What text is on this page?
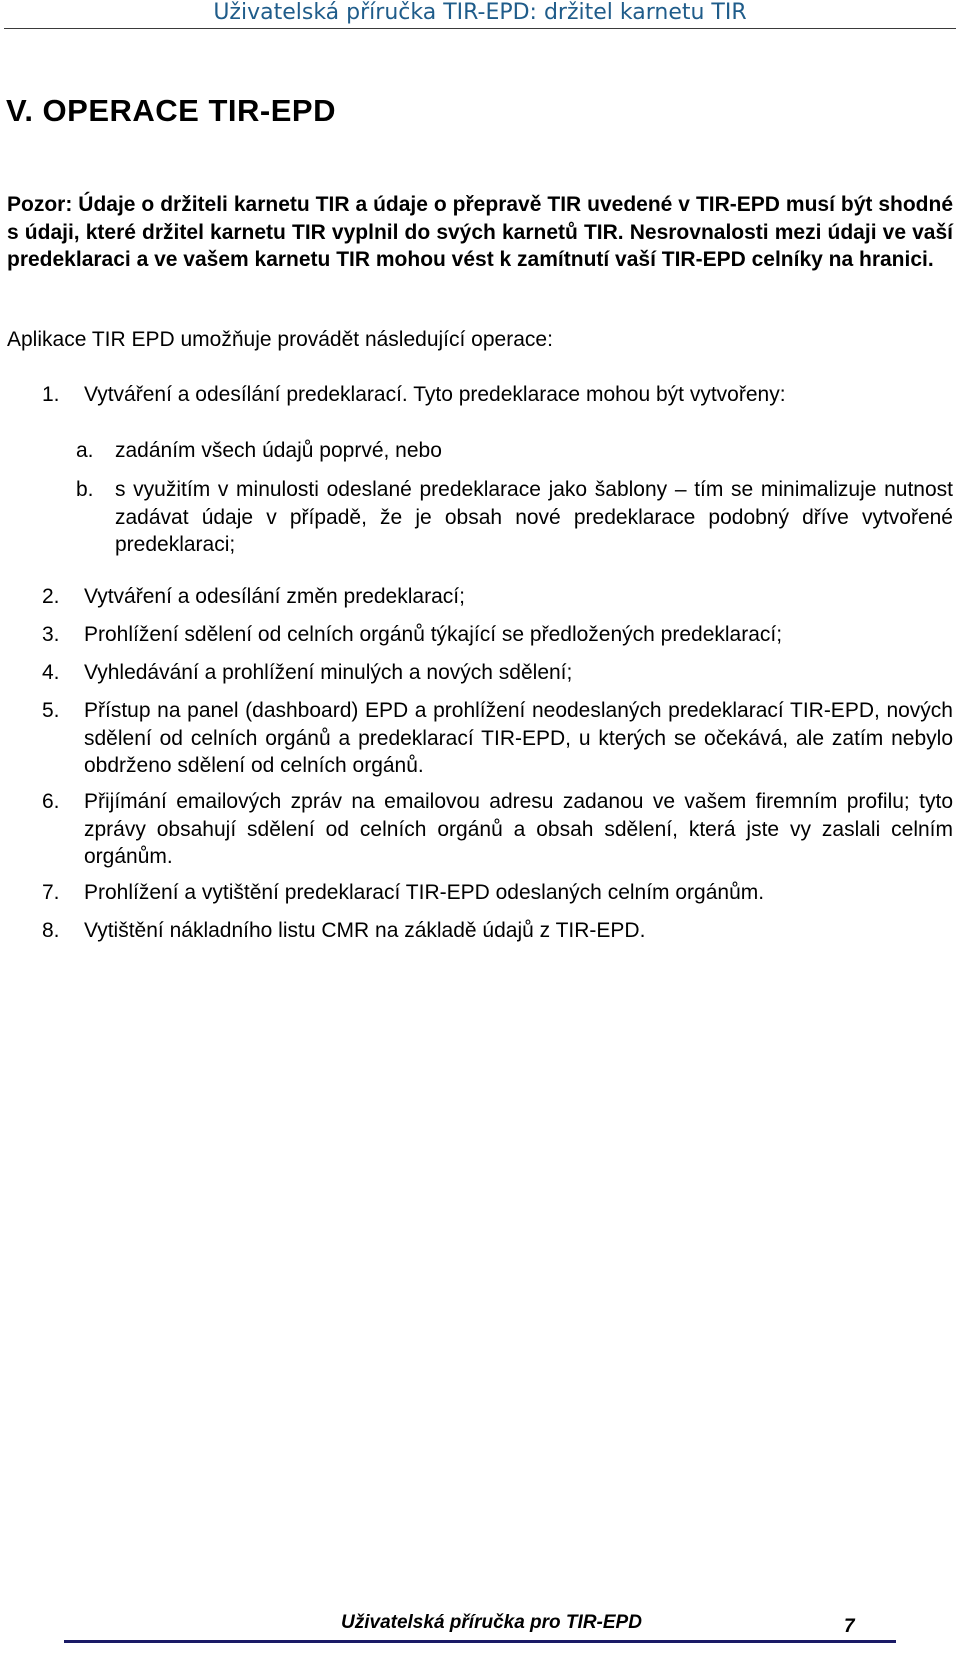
Uživatelská příručka TIR-EPD: držitel karnetu TIR
V. OPERACE TIR-EPD

Pozor: Údaje o držiteli karnetu TIR a údaje o přepravě TIR uvedené v TIR-EPD musí být shodné s údaji, které držitel karnetu TIR vyplnil do svých karnetů TIR. Nesrovnalosti mezi údaji ve vaší predeklaraci a ve vašem karnetu TIR mohou vést k zamítnutí vaší TIR-EPD celníky na hranici.

Aplikace TIR EPD umožňuje provádět následující operace:

1. Vytváření a odesílání predeklarací. Tyto predeklarace mohou být vytvořeny:
a. zadáním všech údajů poprvé, nebo
b. s využitím v minulosti odeslané predeklarace jako šablony – tím se minimalizuje nutnost zadávat údaje v případě, že je obsah nové predeklarace podobný dříve vytvořené predeklaraci;
2. Vytváření a odesílání změn predeklarací;
3. Prohlížení sdělení od celních orgánů týkající se předložených predeklarací;
4. Vyhledávání a prohlížení minulých a nových sdělení;
5. Přístup na panel (dashboard) EPD a prohlížení neodeslaných predeklarací TIR-EPD, nových sdělení od celních orgánů a predeklarací TIR-EPD, u kterých se očekává, ale zatím nebylo obdrženo sdělení od celních orgánů.
6. Přijímání emailových zpráv na emailovou adresu zadanou ve vašem firemním profilu; tyto zprávy obsahují sdělení od celních orgánů a obsah sdělení, která jste vy zaslali celním orgánům.
7. Prohlížení a vytištění predeklarací TIR-EPD odeslaných celním orgánům.
8. Vytištění nákladního listu CMR na základě údajů z TIR-EPD.
Uživatelská příručka pro TIR-EPD	7
